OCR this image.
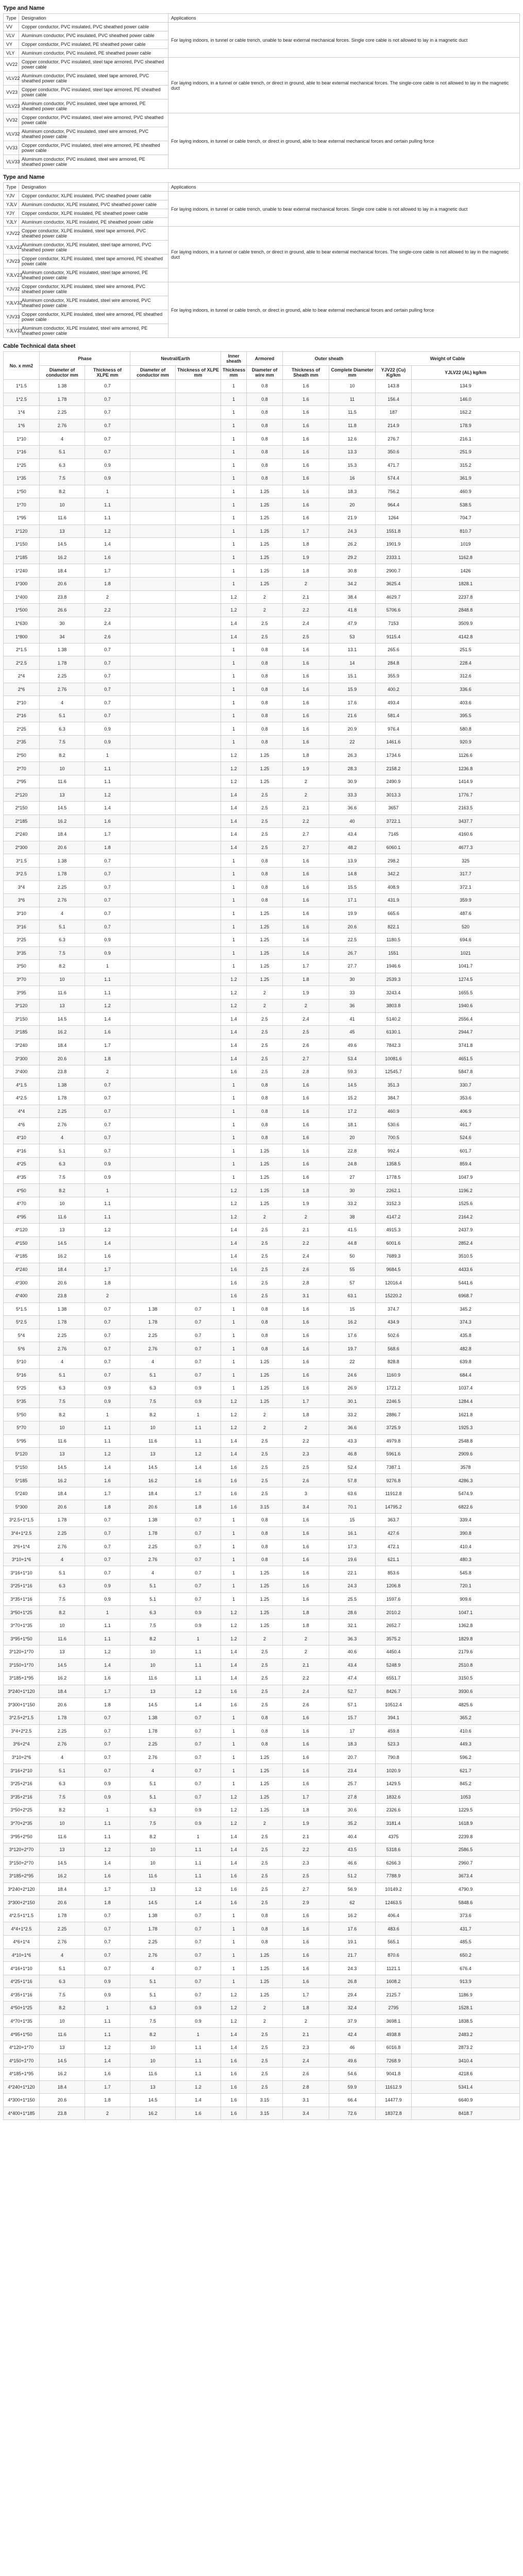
Type and Name
Type	Designation	Applications
VV	Copper conductor, PVC insulated, PVC sheathed power cable	For laying indoors, in tunnel or cable trench, unable to bear external mechanical forces. Single core cable is not allowed to lay in a magnetic duct
VLV	Aluminum conductor, PVC insulated, PVC sheathed power cable	
VY	Copper conductor, PVC insulated, PE sheathed power cable	
VLY	Aluminum conductor, PVC insulated, PE sheathed power cable	
VV22	Copper conductor, PVC insulated, steel tape armored, PVC sheathed power cable	For laying indoors, in a tunnel or cable trench, or direct in ground, able to bear external mechanical forces. The single-core cable is not allowed to lay in the magnetic duct
VLV22	Aluminum conductor, PVC insulated, steel tape armored, PVC sheathed power cable	
VV23	Copper conductor, PVC insulated, steel tape armored, PE sheathed power cable	
VLV23	Aluminum conductor, PVC insulated, steel tape armored, PE sheathed power cable	
VV32	Copper conductor, PVC insulated, steel wire armored, PVC sheathed power cable	For laying indoors, in tunnel or cable trench, or direct in ground, able to bear external mechanical forces and certain pulling force
VLV32	Aluminum conductor, PVC insulated, steel wire armored, PVC sheathed power cable	
VV33	Copper conductor, PVC insulated, steel wire armored, PE sheathed power cable	
VLV33	Aluminum conductor, PVC insulated, steel wire armored, PE sheathed power cable	
Type and Name
Type	Designation	Applications
YJV	Copper conductor, XLPE insulated, PVC sheathed power cable	For laying indoors, in tunnel or cable trench, unable to bear external mechanical forces. Single core cable is not allowed to lay in a magnetic duct
YJLV	Aluminum conductor, XLPE insulated, PVC sheathed power cable	
YJY	Copper conductor, XLPE insulated, PE sheathed power cable	
YJLY	Aluminum conductor, XLPE insulated, PE sheathed power cable	
YJV22	Copper conductor, XLPE insulated, steel tape armored, PVC sheathed power cable	For laying indoors, in a tunnel or cable trench, or direct in ground, able to bear external mechanical forces. The single-core cable is not allowed to lay in the magnetic duct
YJLV22	Aluminum conductor, XLPE insulated, steel tape armored, PVC sheathed power cable	
YJV23	Copper conductor, XLPE insulated, steel tape armored, PE sheathed power cable	
YJLV23	Aluminum conductor, XLPE insulated, steel tape armored, PE sheathed power cable	
YJV32	Copper conductor, XLPE insulated, steel wire armored, PVC sheathed power cable	For laying indoors, in tunnel or cable trench, or direct in ground, able to bear external mechanical forces and certain pulling force
YJLV32	Aluminum conductor, XLPE insulated, steel wire armored, PVC sheathed power cable	
YJV33	Copper conductor, XLPE insulated, steel wire armored, PE sheathed power cable	
YJLV33	Aluminum conductor, XLPE insulated, steel wire armored, PE sheathed power cable	
Cable Technical data sheet
No. x mm2	Phase		Neutral/Earth		Inner sheath	Armored	Outer sheath		Weight of Cable	
	Diameter of conductor mm	Thickness of XLPE mm	Diameter of conductor mm	Thickness of XLPE mm	Thickness mm	Diameter of wire mm	Thickness of Sheath mm	Complete Diameter mm	YJV22 (Cu) Kg/km	YJLV22 (AL) kg/km
1*1.5	1.38	0.7			1	0.8	1.6	10	143.8	134.9
1*2.5	1.78	0.7			1	0.8	1.6	11	156.4	146.0
1*4	2.25	0.7			1	0.8	1.6	11.5	187	162.2
1*6	2.76	0.7			1	0.8	1.6	11.8	214.9	178.9
1*10	4	0.7			1	0.8	1.6	12.6	276.7	216.1
1*16	5.1	0.7			1	0.8	1.6	13.3	350.6	251.9
1*25	6.3	0.9			1	0.8	1.6	15.3	471.7	315.2
1*35	7.5	0.9			1	0.8	1.6	16	574.4	361.9
1*50	8.2	1			1	1.25	1.6	18.3	756.2	460.9
1*70	10	1.1			1	1.25	1.6	20	964.4	538.5
1*95	11.6	1.1			1	1.25	1.6	21.9	1264	704.7
1*120	13	1.2			1	1.25	1.7	24.3	1551.8	810.7
1*150	14.5	1.4			1	1.25	1.8	26.2	1901.9	1019
1*185	16.2	1.6			1	1.25	1.9	29.2	2333.1	1162.8
1*240	18.4	1.7			1	1.25	1.8	30.8	2900.7	1426
1*300	20.6	1.8			1	1.25	2	34.2	3625.4	1828.1
1*400	23.8	2			1.2	2	2.1	38.4	4629.7	2237.8
1*500	26.6	2.2			1.2	2	2.2	41.8	5706.6	2848.8
1*630	30	2.4			1.4	2.5	2.4	47.9	7153	3509.9
1*800	34	2.6			1.4	2.5	2.5	53	9115.4	4142.8
2*1.5	1.38	0.7			1	0.8	1.6	13.1	265.6	251.5
2*2.5	1.78	0.7			1	0.8	1.6	14	284.8	228.4
2*4	2.25	0.7			1	0.8	1.6	15.1	355.9	312.6
2*6	2.76	0.7			1	0.8	1.6	15.9	400.2	336.6
2*10	4	0.7			1	0.8	1.6	17.6	493.4	403.6
2*16	5.1	0.7			1	0.8	1.6	21.6	581.4	395.5
2*25	6.3	0.9			1	0.8	1.6	20.9	976.4	580.8
2*35	7.5	0.9			1	0.8	1.6	22	1461.6	920.9
2*50	8.2	1			1.2	1.25	1.8	26.3	1734.6	1126.6
2*70	10	1.1			1.2	1.25	1.9	28.3	2158.2	1236.8
2*95	11.6	1.1			1.2	1.25	2	30.9	2490.9	1414.9
2*120	13	1.2			1.4	2.5	2	33.3	3013.3	1776.7
2*150	14.5	1.4			1.4	2.5	2.1	36.6	3657	2163.5
2*185	16.2	1.6			1.4	2.5	2.2	40	3722.1	3437.7
2*240	18.4	1.7			1.4	2.5	2.7	43.4	7145	4160.6
2*300	20.6	1.8			1.4	2.5	2.7	48.2	6060.1	4677.3
3*1.5	1.38	0.7			1	0.8	1.6	13.9	298.2	325
3*2.5	1.78	0.7			1	0.8	1.6	14.8	342.2	317.7
3*4	2.25	0.7			1	0.8	1.6	15.5	408.9	372.1
3*6	2.76	0.7			1	0.8	1.6	17.1	431.9	359.9
3*10	4	0.7			1	1.25	1.6	19.9	665.6	487.6
3*16	5.1	0.7			1	1.25	1.6	20.6	822.1	520
3*25	6.3	0.9			1	1.25	1.6	22.5	1180.5	694.6
3*35	7.5	0.9			1	1.25	1.6	26.7	1551	1021
3*50	8.2	1			1	1.25	1.7	27.7	1946.6	1041.7
3*70	10	1.1			1.2	1.25	1.8	30	2539.3	1274.5
3*95	11.6	1.1			1.2	2	1.9	33	3243.4	1655.5
3*120	13	1.2			1.2	2	2	36	3803.8	1940.6
3*150	14.5	1.4			1.4	2.5	2.4	41	5140.2	2556.4
3*185	16.2	1.6			1.4	2.5	2.5	45	6130.1	2944.7
3*240	18.4	1.7			1.4	2.5	2.6	49.6	7842.3	3741.8
3*300	20.6	1.8			1.4	2.5	2.7	53.4	10081.6	4651.5
3*400	23.8	2			1.6	2.5	2.8	59.3	12545.7	5847.8
4*1.5	1.38	0.7			1	0.8	1.6	14.5	351.3	330.7
4*2.5	1.78	0.7			1	0.8	1.6	15.2	384.7	353.6
4*4	2.25	0.7			1	0.8	1.6	17.2	460.9	406.9
4*6	2.76	0.7			1	0.8	1.6	18.1	530.6	461.7
4*10	4	0.7			1	0.8	1.6	20	700.5	524.6
4*16	5.1	0.7			1	1.25	1.6	22.8	992.4	601.7
4*25	6.3	0.9			1	1.25	1.6	24.8	1358.5	859.4
4*35	7.5	0.9			1	1.25	1.6	27	1778.5	1047.9
4*50	8.2	1			1.2	1.25	1.8	30	2262.1	1196.2
4*70	10	1.1			1.2	1.25	1.9	33.2	3152.3	1525.6
4*95	11.6	1.1			1.2	2	2	38	4147.2	2164.2
4*120	13	1.2			1.4	2.5	2.1	41.5	4915.3	2437.9
4*150	14.5	1.4			1.4	2.5	2.2	44.8	6001.6	2852.4
4*185	16.2	1.6			1.4	2.5	2.4	50	7689.3	3510.5
4*240	18.4	1.7			1.6	2.5	2.6	55	9684.5	4433.6
4*300	20.6	1.8			1.6	2.5	2.8	57	12016.4	5441.6
4*400	23.8	2			1.6	2.5	3.1	63.1	15220.2	6968.7
5*1.5	1.38	0.7	1.38	0.7	1	0.8	1.6	15	374.7	345.2
5*2.5	1.78	0.7	1.78	0.7	1	0.8	1.6	16.2	434.9	374.3
5*4	2.25	0.7	2.25	0.7	1	0.8	1.6	17.6	502.6	435.8
5*6	2.76	0.7	2.76	0.7	1	0.8	1.6	19.7	568.6	482.8
5*10	4	0.7	4	0.7	1	1.25	1.6	22	828.8	639.8
5*16	5.1	0.7	5.1	0.7	1	1.25	1.6	24.6	1160.9	684.4
5*25	6.3	0.9	6.3	0.9	1	1.25	1.6	26.9	1721.2	1037.4
5*35	7.5	0.9	7.5	0.9	1.2	1.25	1.7	30.1	2246.5	1284.4
5*50	8.2	1	8.2	1	1.2	2	1.8	33.2	2886.7	1621.8
5*70	10	1.1	10	1.1	1.2	2	2	36.6	3725.9	1925.3
5*95	11.6	1.1	11.6	1.1	1.4	2.5	2.2	43.3	4979.8	2548.8
5*120	13	1.2	13	1.2	1.4	2.5	2.3	46.8	5961.6	2909.6
5*150	14.5	1.4	14.5	1.4	1.6	2.5	2.5	52.4	7387.1	3578
5*185	16.2	1.6	16.2	1.6	1.6	2.5	2.6	57.8	9276.8	4286.3
5*240	18.4	1.7	18.4	1.7	1.6	2.5	3	63.6	11912.8	5474.9
5*300	20.6	1.8	20.6	1.8	1.6	3.15	3.4	70.1	14795.2	6822.6
3*2.5+1*1.5	1.78	0.7	1.38	0.7	1	0.8	1.6	15	363.7	339.4
3*4+1*2.5	2.25	0.7	1.78	0.7	1	0.8	1.6	16.1	427.6	390.8
3*6+1*4	2.76	0.7	2.25	0.7	1	0.8	1.6	17.3	472.1	410.4
3*10+1*6	4	0.7	2.76	0.7	1	0.8	1.6	19.6	621.1	480.3
3*16+1*10	5.1	0.7	4	0.7	1	1.25	1.6	22.1	853.6	545.8
3*25+1*16	6.3	0.9	5.1	0.7	1	1.25	1.6	24.3	1206.8	720.1
3*35+1*16	7.5	0.9	5.1	0.7	1	1.25	1.6	25.5	1597.6	909.6
3*50+1*25	8.2	1	6.3	0.9	1.2	1.25	1.8	28.6	2010.2	1047.1
3*70+1*35	10	1.1	7.5	0.9	1.2	1.25	1.8	32.1	2652.7	1362.8
3*95+1*50	11.6	1.1	8.2	1	1.2	2	2	36.3	3575.2	1829.8
3*120+1*70	13	1.2	10	1.1	1.4	2.5	2	40.6	4450.4	2179.6
3*150+1*70	14.5	1.4	10	1.1	1.4	2.5	2.1	43.4	5248.9	2510.8
3*185+1*95	16.2	1.6	11.6	1.1	1.4	2.5	2.2	47.4	6551.7	3150.5
3*240+1*120	18.4	1.7	13	1.2	1.6	2.5	2.4	52.7	8426.7	3930.6
3*300+1*150	20.6	1.8	14.5	1.4	1.6	2.5	2.6	57.1	10512.4	4825.6
3*2.5+2*1.5	1.78	0.7	1.38	0.7	1	0.8	1.6	15.7	394.1	365.2
3*4+2*2.5	2.25	0.7	1.78	0.7	1	0.8	1.6	17	459.8	410.6
3*6+2*4	2.76	0.7	2.25	0.7	1	0.8	1.6	18.3	523.3	449.3
3*10+2*6	4	0.7	2.76	0.7	1	1.25	1.6	20.7	790.8	596.2
3*16+2*10	5.1	0.7	4	0.7	1	1.25	1.6	23.4	1020.9	621.7
3*25+2*16	6.3	0.9	5.1	0.7	1	1.25	1.6	25.7	1429.5	845.2
3*35+2*16	7.5	0.9	5.1	0.7	1.2	1.25	1.7	27.8	1832.6	1053
3*50+2*25	8.2	1	6.3	0.9	1.2	1.25	1.8	30.6	2326.6	1229.5
3*70+2*35	10	1.1	7.5	0.9	1.2	2	1.9	35.2	3181.4	1618.9
3*95+2*50	11.6	1.1	8.2	1	1.4	2.5	2.1	40.4	4375	2239.8
3*120+2*70	13	1.2	10	1.1	1.4	2.5	2.2	43.5	5318.6	2586.5
3*150+2*70	14.5	1.4	10	1.1	1.4	2.5	2.3	46.6	6266.3	2960.7
3*185+2*95	16.2	1.6	11.6	1.1	1.6	2.5	2.5	51.2	7788.9	3673.4
3*240+2*120	18.4	1.7	13	1.2	1.6	2.5	2.7	56.9	10149.2	4790.9
3*300+2*150	20.6	1.8	14.5	1.4	1.6	2.5	2.9	62	12463.5	5848.6
4*2.5+1*1.5	1.78	0.7	1.38	0.7	1	0.8	1.6	16.2	406.4	373.6
4*4+1*2.5	2.25	0.7	1.78	0.7	1	0.8	1.6	17.6	483.6	431.7
4*6+1*4	2.76	0.7	2.25	0.7	1	0.8	1.6	19.1	565.1	485.5
4*10+1*6	4	0.7	2.76	0.7	1	1.25	1.6	21.7	870.6	650.2
4*16+1*10	5.1	0.7	4	0.7	1	1.25	1.6	24.3	1121.1	676.4
4*25+1*16	6.3	0.9	5.1	0.7	1	1.25	1.6	26.8	1608.2	913.9
4*35+1*16	7.5	0.9	5.1	0.7	1.2	1.25	1.7	29.4	2125.7	1186.9
4*50+1*25	8.2	1	6.3	0.9	1.2	2	1.8	32.4	2795	1528.1
4*70+1*35	10	1.1	7.5	0.9	1.2	2	2	37.9	3698.1	1838.5
4*95+1*50	11.6	1.1	8.2	1	1.4	2.5	2.1	42.4	4938.8	2483.2
4*120+1*70	13	1.2	10	1.1	1.4	2.5	2.3	46	6016.8	2873.2
4*150+1*70	14.5	1.4	10	1.1	1.6	2.5	2.4	49.6	7268.9	3410.4
4*185+1*95	16.2	1.6	11.6	1.1	1.6	2.5	2.6	54.6	9041.8	4218.6
4*240+1*120	18.4	1.7	13	1.2	1.6	2.5	2.8	59.9	11612.9	5341.4
4*300+1*150	20.6	1.8	14.5	1.4	1.6	3.15	3.1	66.4	14477.9	6640.9
4*400+1*185	23.8	2	16.2	1.6	1.6	3.15	3.4	72.6	18372.8	8418.7
